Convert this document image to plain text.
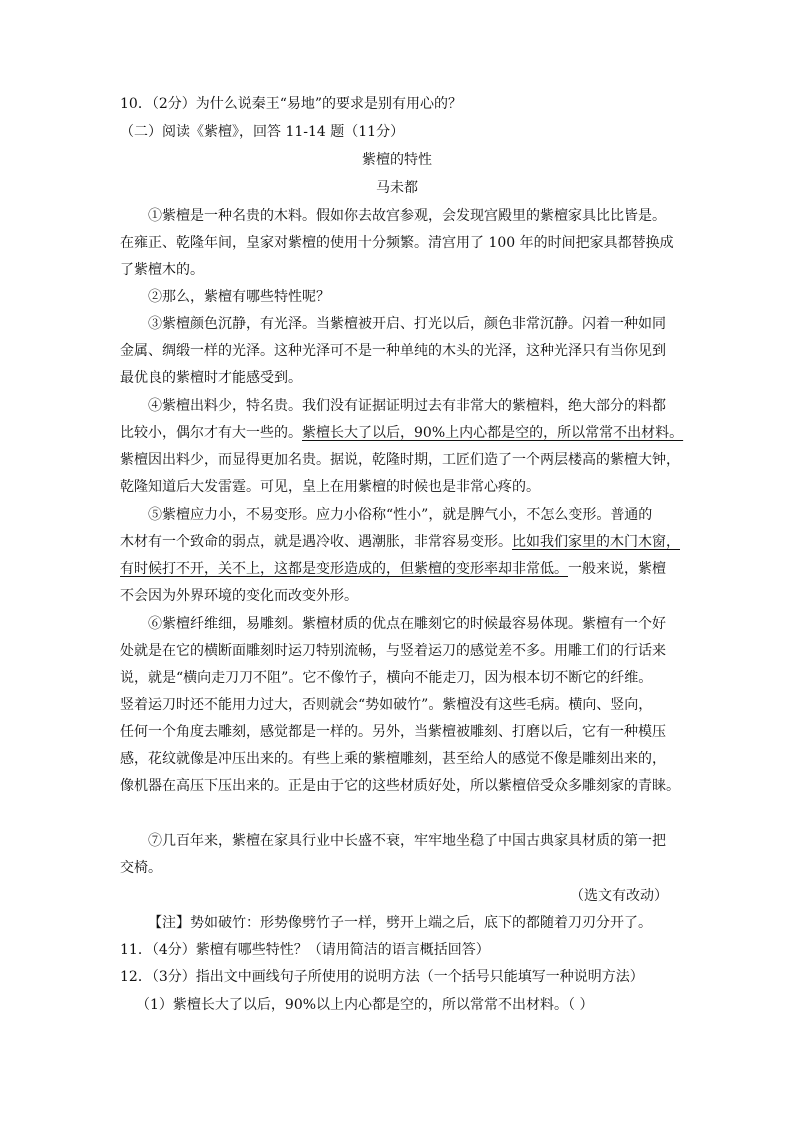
10．（2分）为什么说秦王“易地”的要求是别有用心的？
（二）阅读《紫檀》，回答 11-14 题（11分）
紫檀的特性
马未都
①紫檀是一种名贵的木料。假如你去故宫参观，会发现宫殿里的紫檀家具比比皆是。
在雍正、乾隆年间，皇家对紫檀的使用十分频繁。清宫用了 100 年的时间把家具都替换成
了紫檀木的。
②那么，紫檀有哪些特性呢？
③紫檀颜色沉静，有光泽。当紫檀被开启、打光以后，颜色非常沉静。闪着一种如同
金属、绸缎一样的光泽。这种光泽可不是一种单纯的木头的光泽，这种光泽只有当你见到
最优良的紫檀时才能感受到。
④紫檀出料少，特名贵。我们没有证据证明过去有非常大的紫檀料，绝大部分的料都
比较小，偶尔才有大一些的。紫檀长大了以后，90%上内心都是空的，所以常常不出材料。
紫檀因出料少，而显得更加名贵。据说，乾隆时期，工匠们造了一个两层楼高的紫檀大钟，
乾隆知道后大发雷霆。可见，皇上在用紫檀的时候也是非常心疼的。
⑤紫檀应力小，不易变形。应力小俗称“性小”，就是脾气小，不怎么变形。普通的
木材有一个致命的弱点，就是遇冷收、遇潮胀，非常容易变形。比如我们家里的木门木窗，
有时候打不开，关不上，这都是变形造成的，但紫檀的变形率却非常低。一般来说，紫檀
不会因为外界环境的变化而改变外形。
⑥紫檀纤维细，易雕刻。紫檀材质的优点在雕刻它的时候最容易体现。紫檀有一个好
处就是在它的横断面雕刻时运刀特别流畅，与竖着运刀的感觉差不多。用雕工们的行话来
说，就是“横向走刀刀不阻”。它不像竹子，横向不能走刀，因为根本切不断它的纤维。
竖着运刀时还不能用力过大，否则就会“势如破竹”。紫檀没有这些毛病。横向、竖向，
任何一个角度去雕刻，感觉都是一样的。另外，当紫檀被雕刻、打磨以后，它有一种模压
感，花纹就像是冲压出来的。有些上乘的紫檀雕刻，甚至给人的感觉不像是雕刻出来的，
像机器在高压下压出来的。正是由于它的这些材质好处，所以紫檀倍受众多雕刻家的青睐。
⑦几百年来，紫檀在家具行业中长盛不衰，牢牢地坐稳了中国古典家具材质的第一把
交椅。
（选文有改动）
【注】势如破竹：形势像劈竹子一样，劈开上端之后，底下的都随着刀刃分开了。
11．（4分）紫檀有哪些特性？（请用简洁的语言概括回答）
12．（3分）指出文中画线句子所使用的说明方法（一个括号只能填写一种说明方法）
（1）紫檀长大了以后，90%以上内心都是空的，所以常常不出材料。（ ）
